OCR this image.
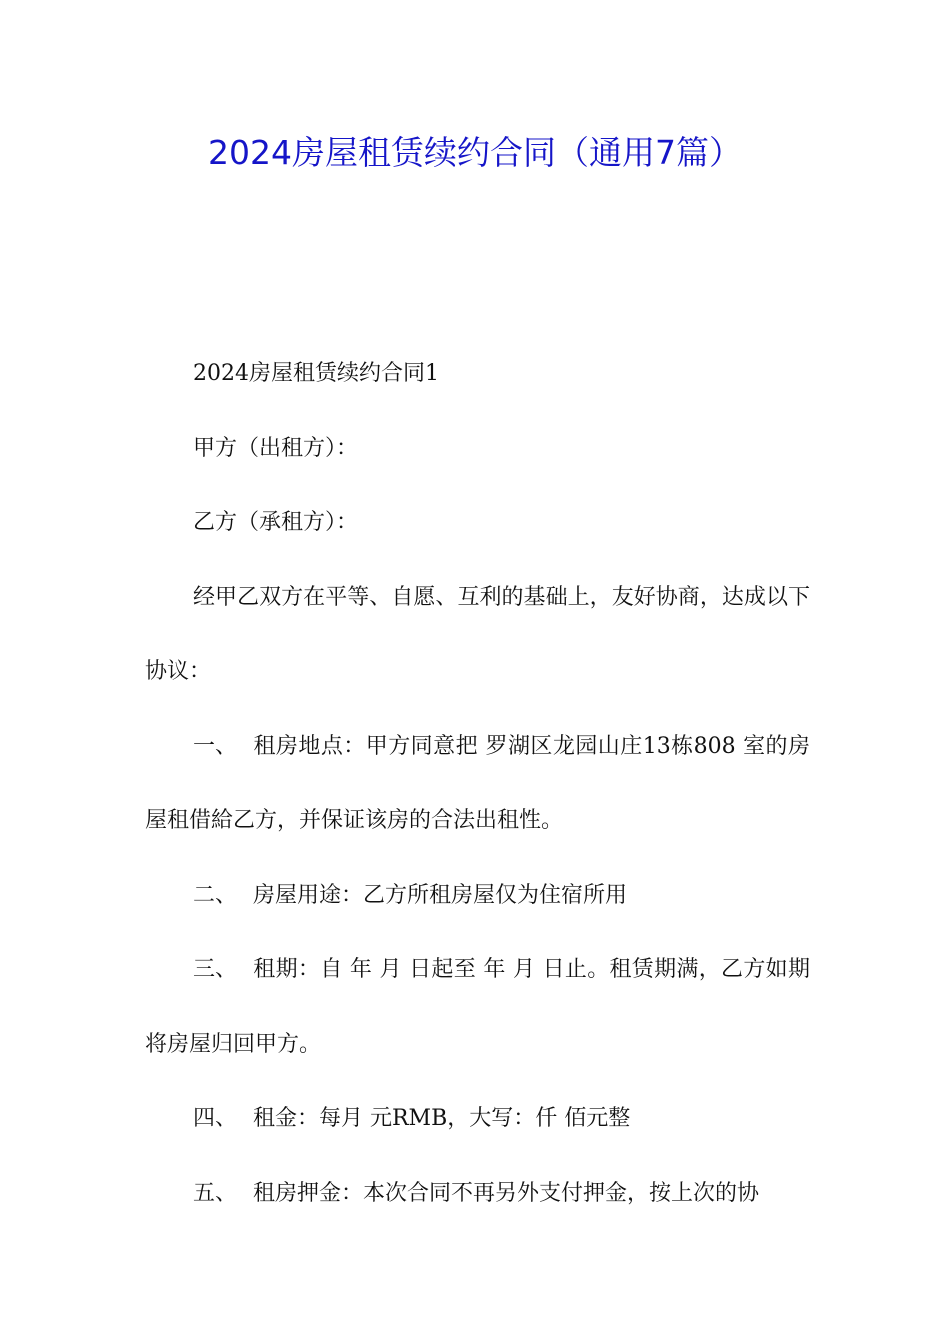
2024房屋租赁续约合同（通用7篇）

2024房屋租赁续约合同1

甲方（出租方）：

乙方（承租方）：

经甲乙双方在平等、自愿、互利的基础上，友好协商，达成以下协议：

一、 租房地点：甲方同意把 罗湖区龙园山庄13栋808 室的房屋租借給乙方，并保证该房的合法出租性。

二、 房屋用途：乙方所租房屋仅为住宿所用

三、 租期：自 年 月 日起至 年 月 日止。租赁期满，乙方如期将房屋归回甲方。

四、 租金：每月 元RMB，大写：仟 佰元整

五、 租房押金：本次合同不再另外支付押金，按上次的协
